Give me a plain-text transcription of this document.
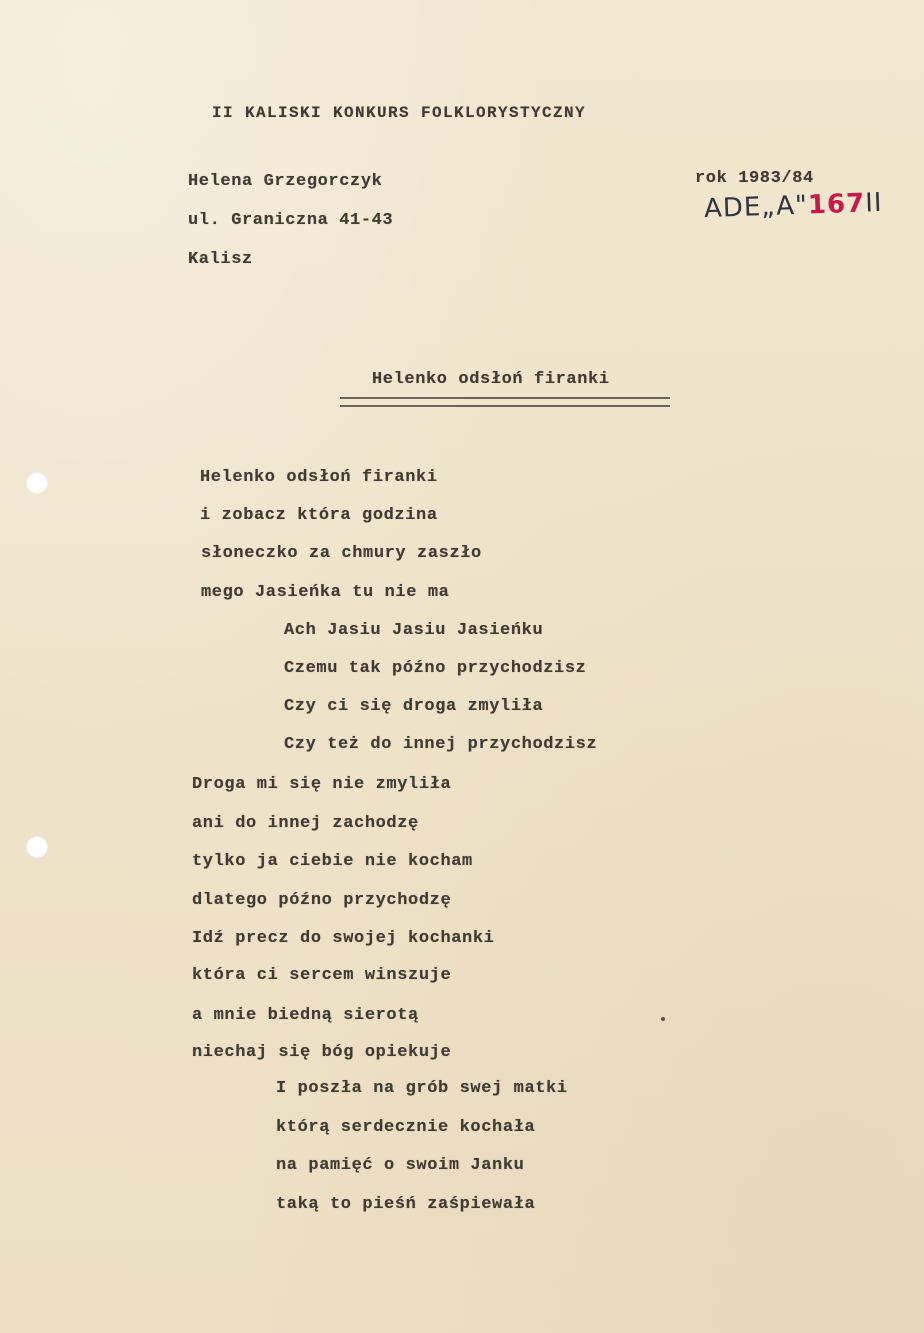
II KALISKI KONKURS FOLKLORYSTYCZNY
Helena Grzegorczyk
ul. Graniczna 41-43
Kalisz
rok 1983/84
ADE„A"167II
Helenko odsłoń firanki
Helenko odsłoń firanki
i zobacz która godzina
słoneczko za chmury zaszło
mego Jasieńka tu nie ma
Ach Jasiu Jasiu Jasieńku
Czemu tak późno przychodzisz
Czy ci się droga zmyliła
Czy też do innej przychodzisz
Droga mi się nie zmyliła
ani do innej zachodzę
tylko ja ciebie nie kocham
dlatego późno przychodzę
Idź precz do swojej kochanki
która ci sercem winszuje
a mnie biedną sierotą
niechaj się bóg opiekuje
I poszła na grób swej matki
którą serdecznie kochała
na pamięć o swoim Janku
taką to pieśń zaśpiewała
